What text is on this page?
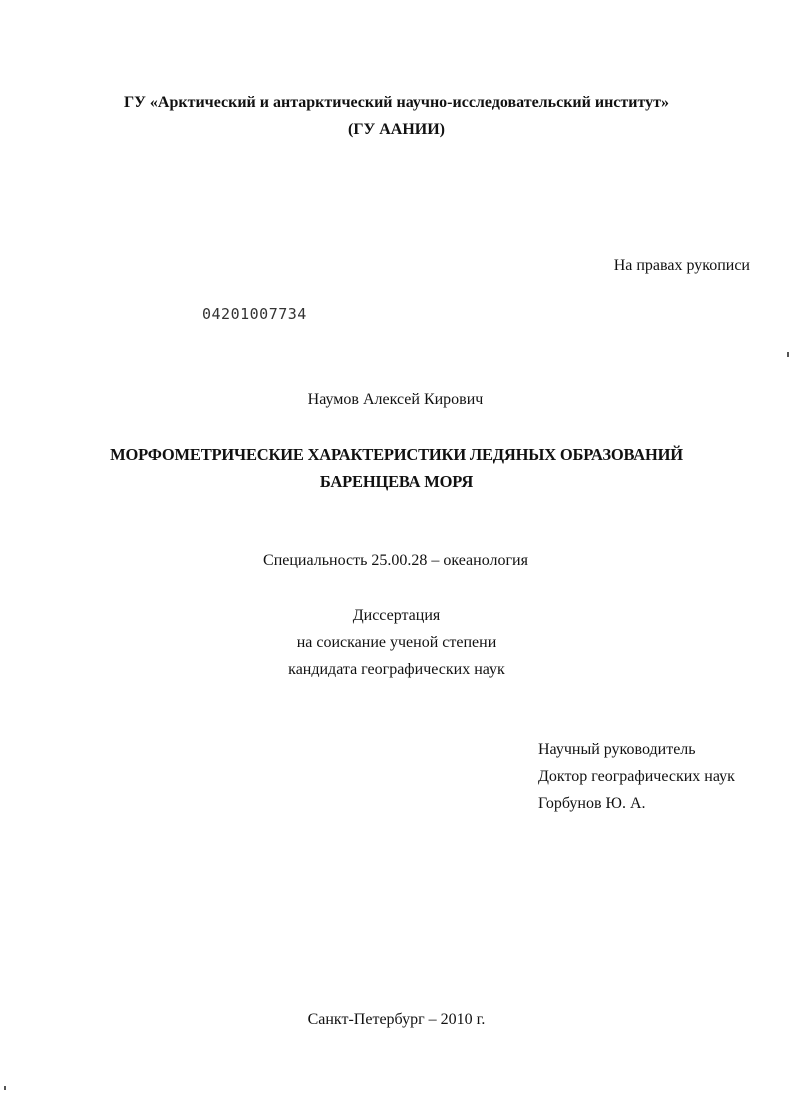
ГУ «Арктический и антарктический научно-исследовательский институт»
(ГУ ААНИИ)
На правах рукописи
04201007734
Наумов Алексей Кирович
МОРФОМЕТРИЧЕСКИЕ ХАРАКТЕРИСТИКИ ЛЕДЯНЫХ ОБРАЗОВАНИЙ
БАРЕНЦЕВА МОРЯ
Специальность 25.00.28 – океанология
Диссертация
на соискание ученой степени
кандидата географических наук
Научный руководитель
Доктор географических наук
Горбунов Ю. А.
Санкт-Петербург – 2010 г.
